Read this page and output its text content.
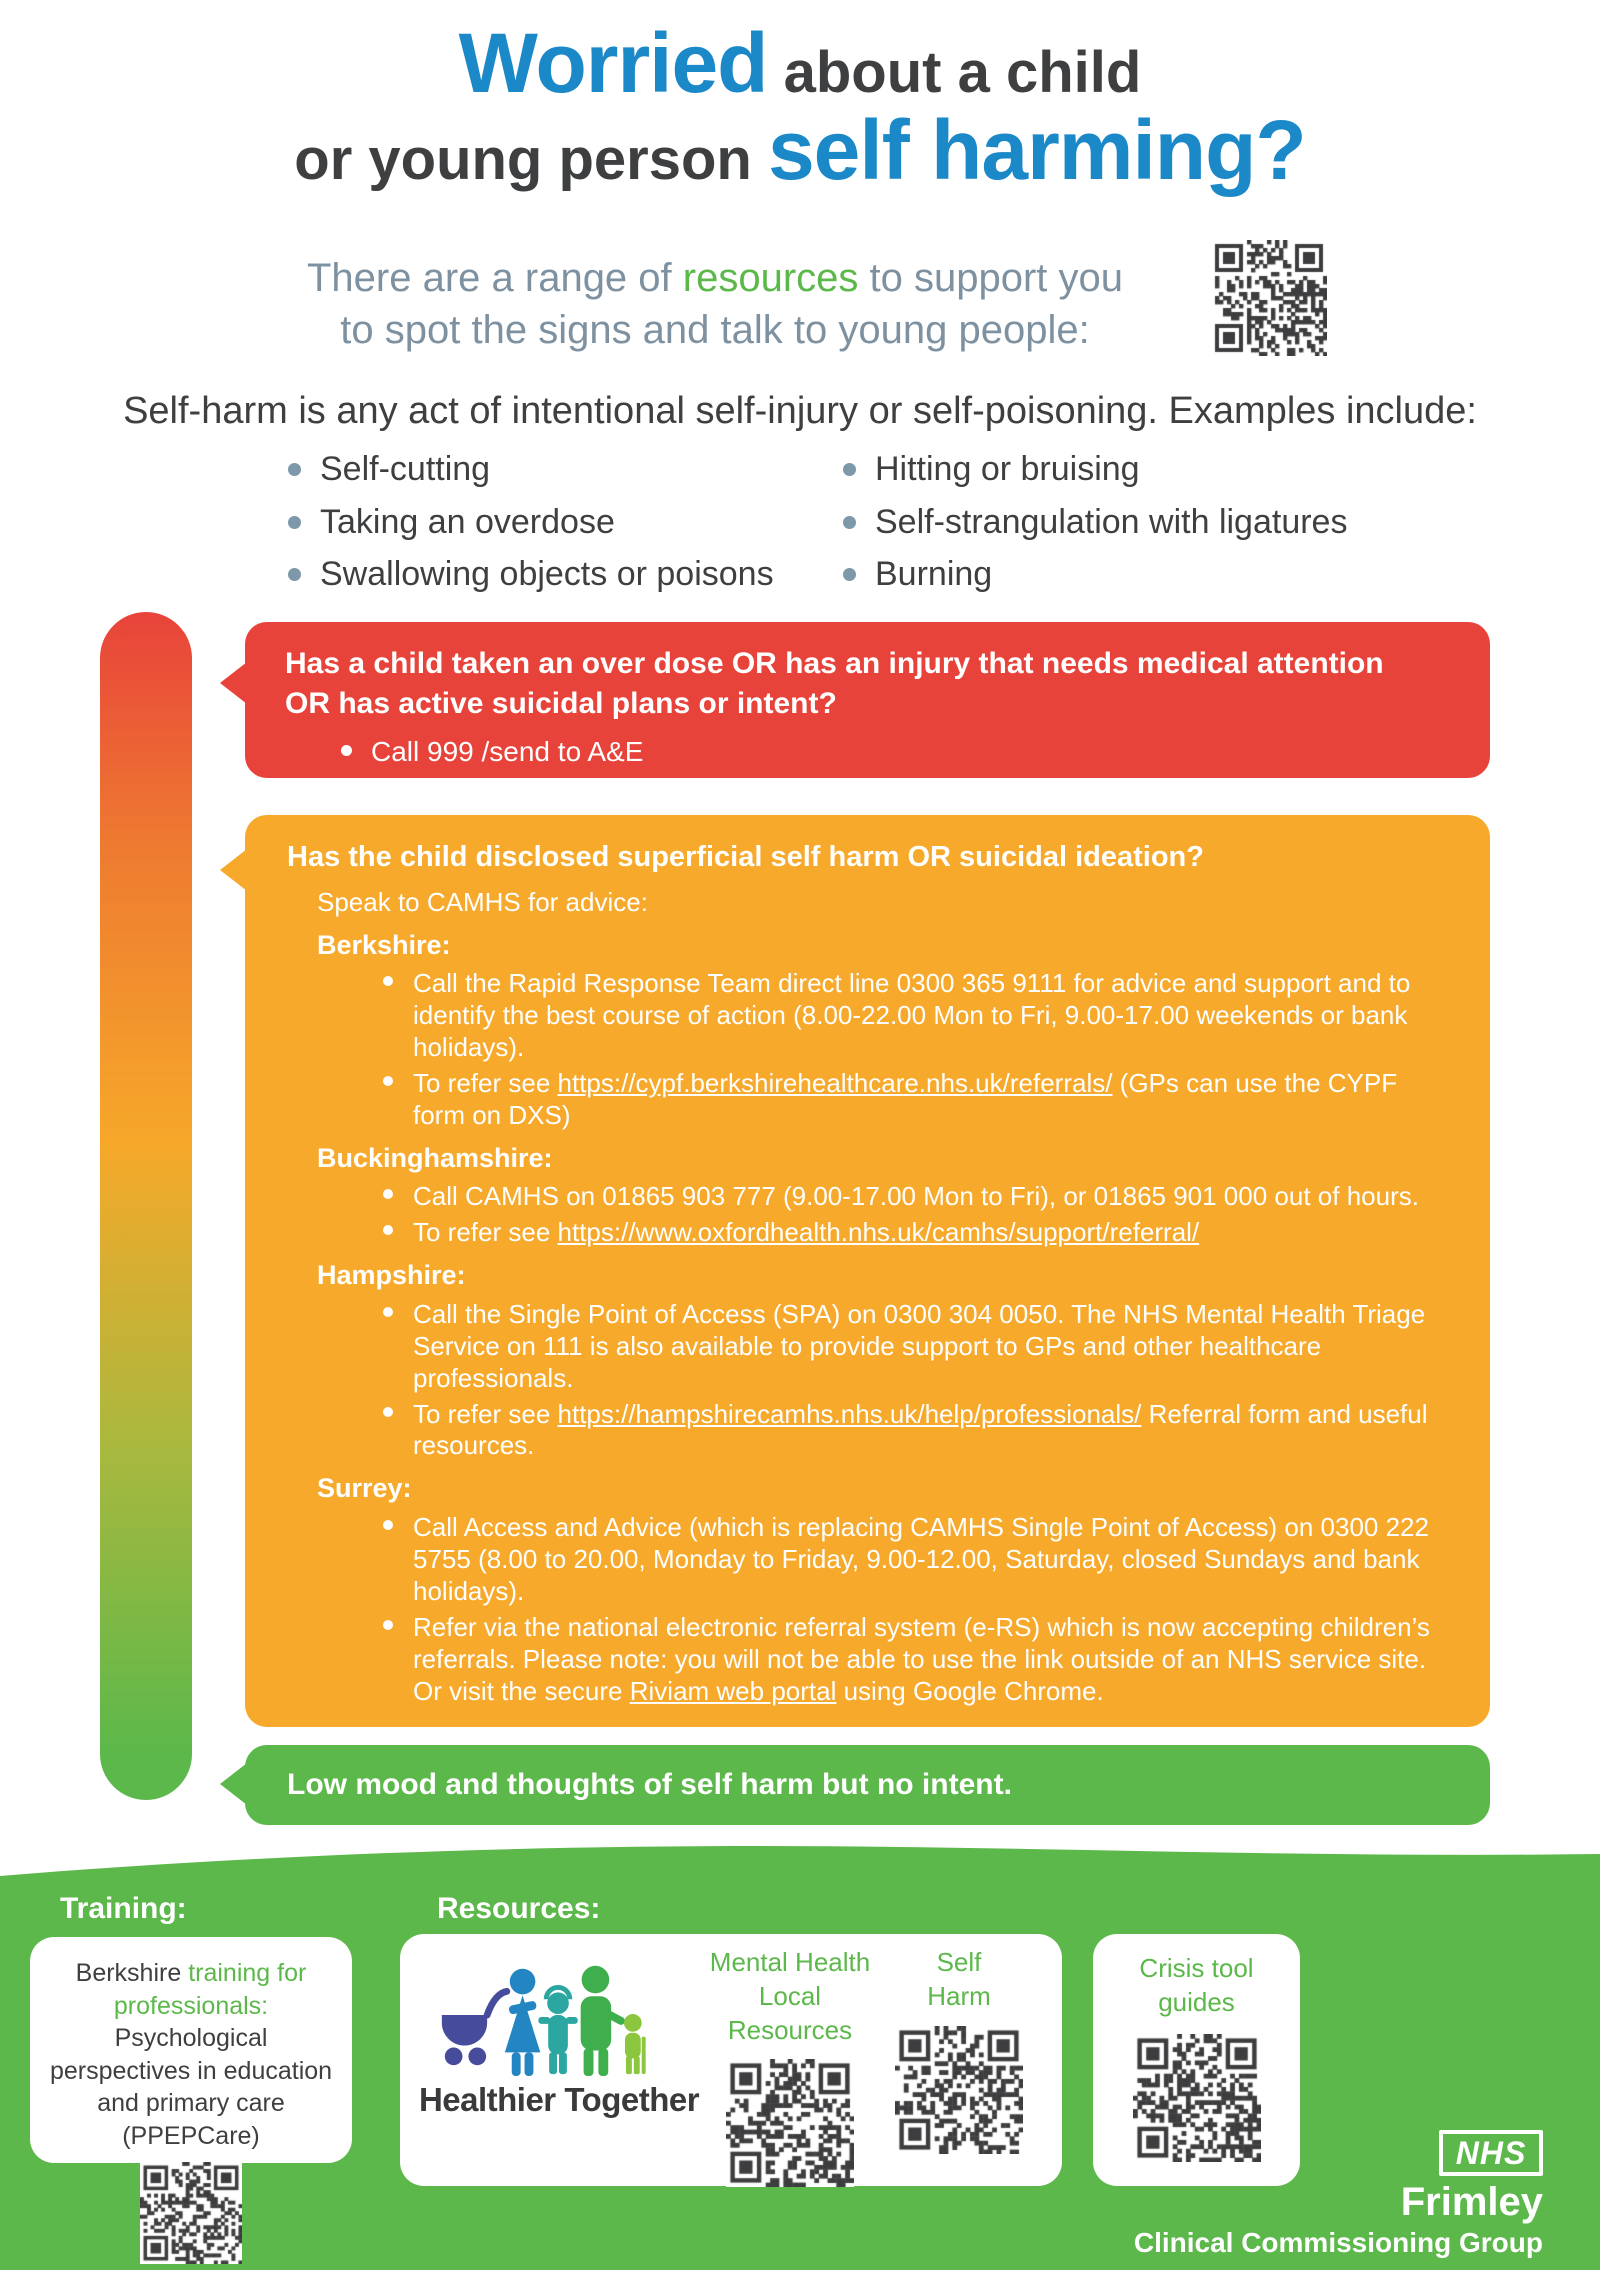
Worried about a child
or young person self harming?
There are a range of resources to support you
to spot the signs and talk to young people:
Self-harm is any act of intentional self-injury or self-poisoning. Examples include:
Self-cutting
Taking an overdose
Swallowing objects or poisons
Hitting or bruising
Self-strangulation with ligatures
Burning
Has a child taken an over dose OR has an injury that needs medical attention OR has active suicidal plans or intent?
Call 999 /send to A&E
Has the child disclosed superficial self harm OR suicidal ideation?

Speak to CAMHS for advice:

Berkshire:
Call the Rapid Response Team direct line 0300 365 9111 for advice and support and to identify the best course of action (8.00-22.00 Mon to Fri, 9.00-17.00 weekends or bank holidays).
To refer see https://cypf.berkshirehealthcare.nhs.uk/referrals/ (GPs can use the CYPF form on DXS)
Buckinghamshire:
Call CAMHS on 01865 903 777 (9.00-17.00 Mon to Fri), or 01865 901 000 out of hours.
To refer see https://www.oxfordhealth.nhs.uk/camhs/support/referral/
Hampshire:
Call the Single Point of Access (SPA) on 0300 304 0050. The NHS Mental Health Triage Service on 111 is also available to provide support to GPs and other healthcare professionals.
To refer see https://hampshirecamhs.nhs.uk/help/professionals/ Referral form and useful resources.
Surrey:
Call Access and Advice (which is replacing CAMHS Single Point of Access) on 0300 222 5755 (8.00 to 20.00, Monday to Friday, 9.00-12.00, Saturday, closed Sundays and bank holidays).
Refer via the national electronic referral system (e-RS) which is now accepting children’s referrals. Please note: you will not be able to use the link outside of an NHS service site. Or visit the secure Riviam web portal using Google Chrome.
Low mood and thoughts of self harm but no intent.
Training:	Resources:
Berkshire training for professionals: Psychological perspectives in education and primary care (PPEPCare)
Healthier Together
Mental Health
Local Resources
Self
Harm
Crisis tool
guides
NHS
Frimley
Clinical Commissioning Group
